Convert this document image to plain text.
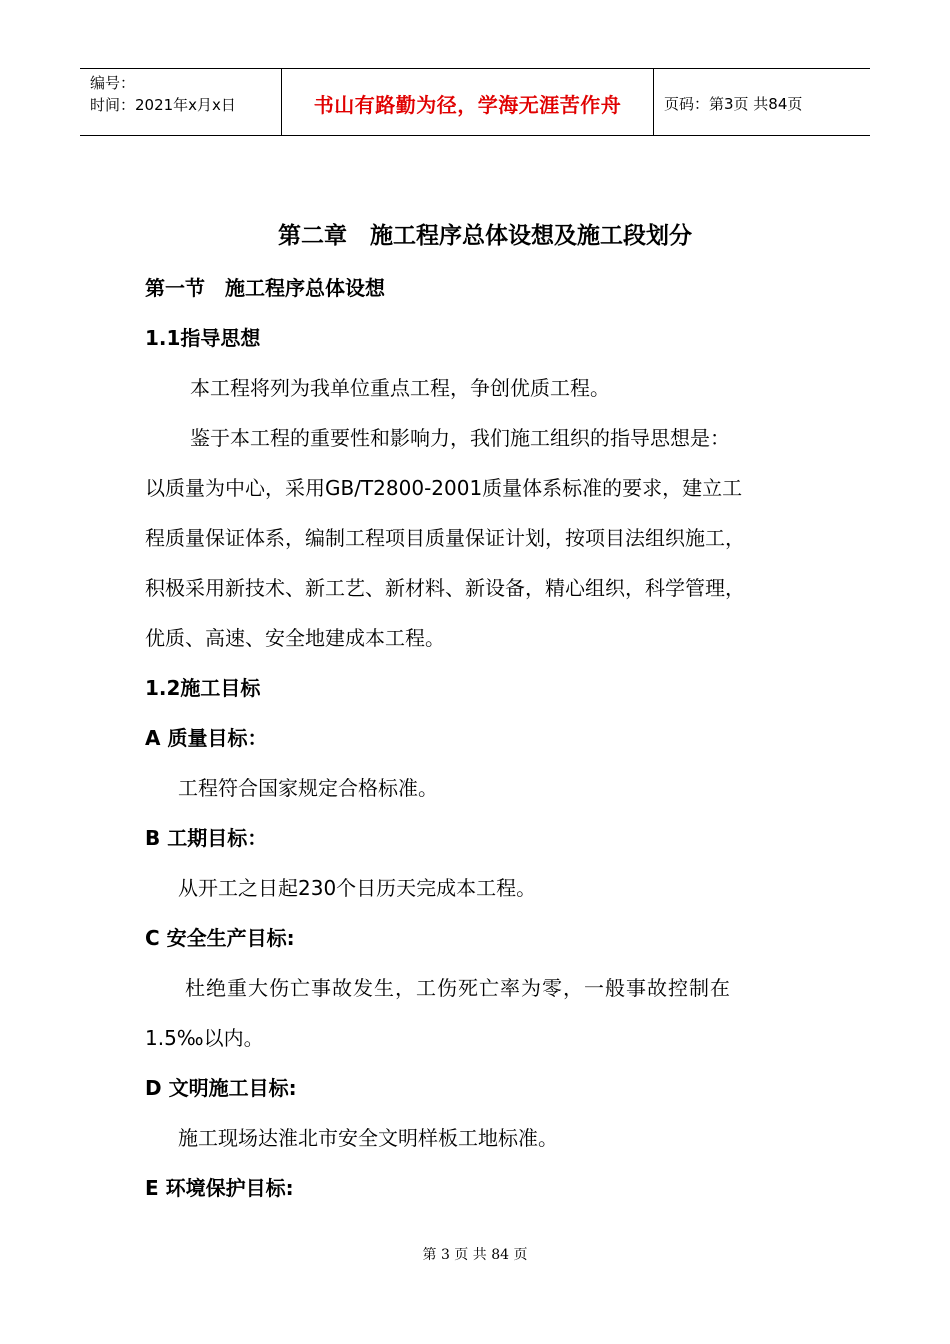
编号：
时间：2021年x月x日	书山有路勤为径，学海无涯苦作舟	页码：第3页 共84页
第二章　施工程序总体设想及施工段划分
第一节　施工程序总体设想
1.1指导思想
本工程将列为我单位重点工程，争创优质工程。
鉴于本工程的重要性和影响力，我们施工组织的指导思想是：
以质量为中心，采用GB/T2800-2001质量体系标准的要求，建立工
程质量保证体系，编制工程项目质量保证计划，按项目法组织施工，
积极采用新技术、新工艺、新材料、新设备，精心组织，科学管理，
优质、高速、安全地建成本工程。
1.2施工目标
A 质量目标：
工程符合国家规定合格标准。
B 工期目标：
从开工之日起230个日历天完成本工程。
C 安全生产目标:
杜绝重大伤亡事故发生，工伤死亡率为零，一般事故控制在
1.5‰以内。
D 文明施工目标:
施工现场达淮北市安全文明样板工地标准。
E 环境保护目标:
第 3 页 共 84 页
